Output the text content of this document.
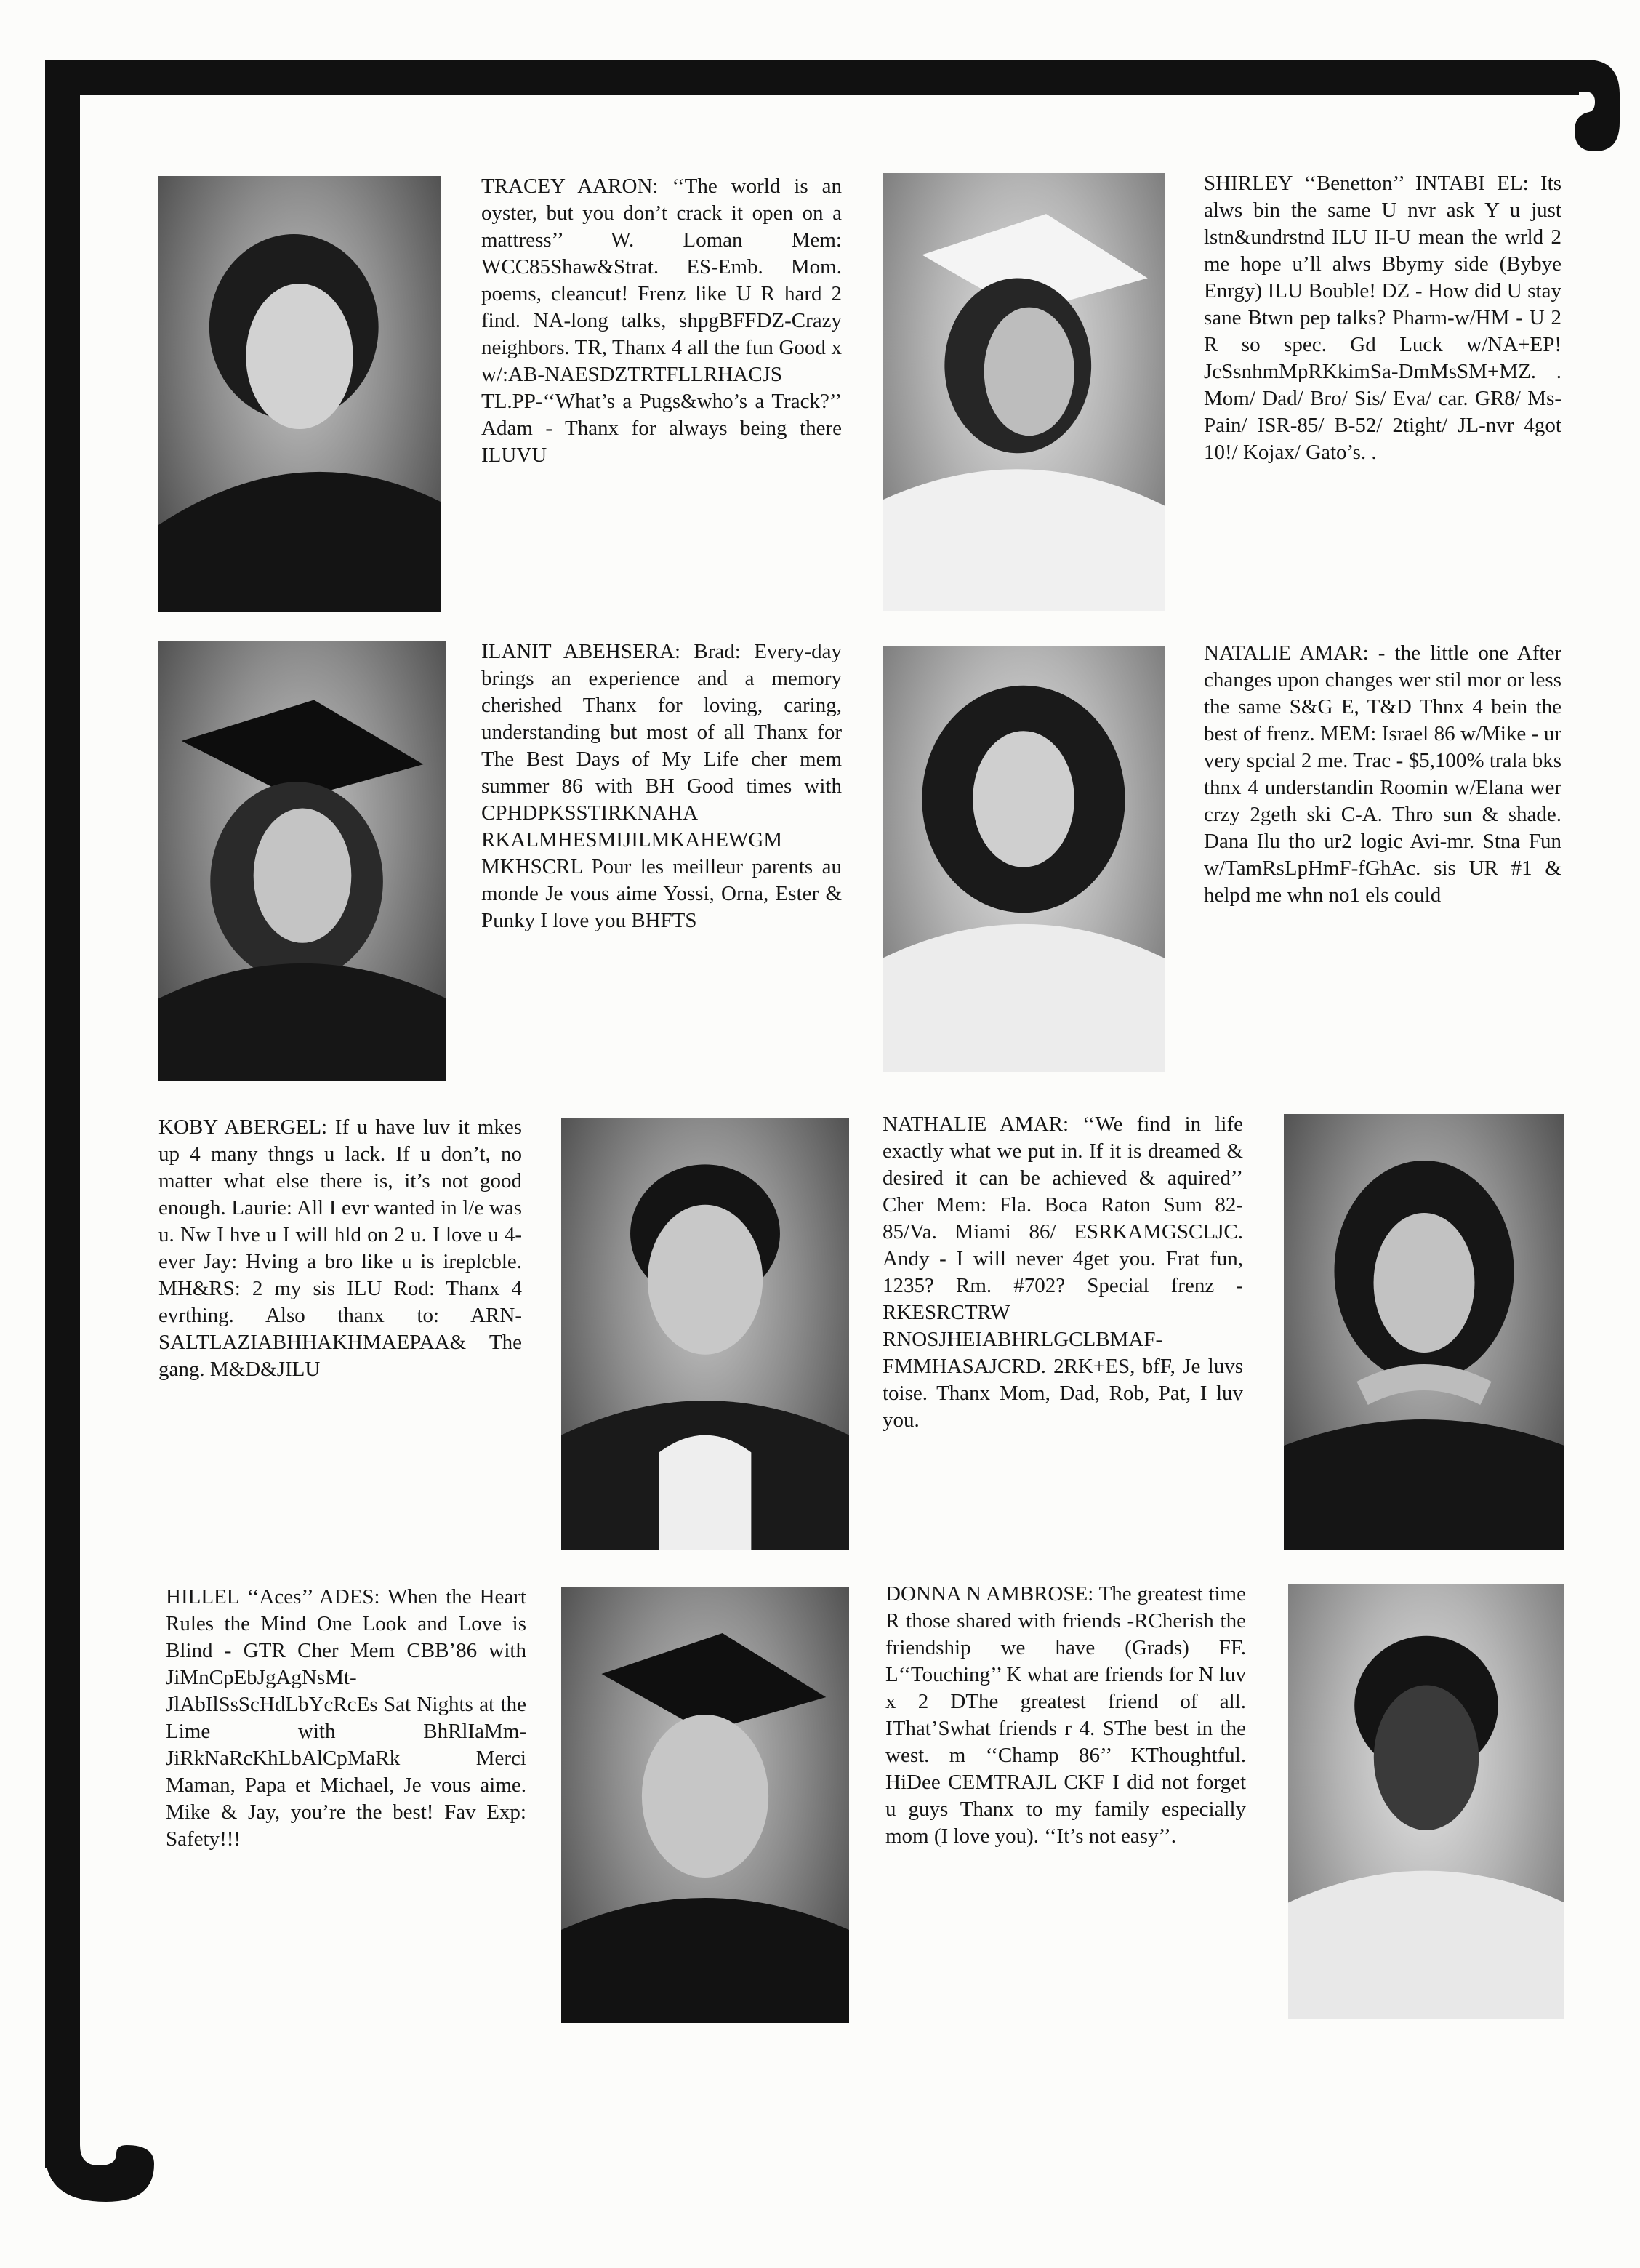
TRACEY AARON: ‘‘The world is an oyster, but you don’t crack it open on a mattress’’ W. Loman Mem: WCC85Shaw&Strat. ES-Emb. Mom. poems, cleancut! Frenz like U R hard 2 find. NA-long talks, shpgBFFDZ-Crazy neighbors. TR, Thanx 4 all the fun Good x w/:AB-NAESDZTRTFLLRHACJS TL.PP-‘‘What’s a Pugs&who’s a Track?’’ Adam - Thanx for always being there ILUVU

SHIRLEY ‘‘Benetton’’ INTABI EL: Its alws bin the same U nvr ask Y u just lstn&undrstnd ILU II-U mean the wrld 2 me hope u’ll alws Bbymy side (Bybye Enrgy) ILU Bouble! DZ - How did U stay sane Btwn pep talks? Pharm-w/HM - U 2 R so spec. Gd Luck w/NA+EP! JcSsnhmMpRKkimSa-DmMsSM+MZ. . Mom/ Dad/ Bro/ Sis/ Eva/ car. GR8/ Ms-Pain/ ISR-85/ B-52/ 2tight/ JL-nvr 4got 10!/ Kojax/ Gato’s. .

ILANIT ABEHSERA: Brad: Every-day brings an experience and a memory cherished Thanx for loving, caring, understanding but most of all Thanx for The Best Days of My Life cher mem summer 86 with BH Good times with CPHDPKSSTIRKNAHA RKALMHESMIJILMKAHEWGM MKHSCRL Pour les meilleur parents au monde Je vous aime Yossi, Orna, Ester & Punky I love you BHFTS

NATALIE AMAR: - the little one After changes upon changes wer stil mor or less the same S&G E, T&D Thnx 4 bein the best of frenz. MEM: Israel 86 w/Mike - ur very spcial 2 me. Trac - $5,100% trala bks thnx 4 understandin Roomin w/Elana wer crzy 2geth ski C-A. Thro sun & shade. Dana Ilu tho ur2 logic Avi-mr. Stna Fun w/TamRsLpHmF-fGhAc. sis UR #1 & helpd me whn no1 els could

KOBY ABERGEL: If u have luv it mkes up 4 many thngs u lack. If u don’t, no matter what else there is, it’s not good enough. Laurie: All I evr wanted in l/e was u. Nw I hve u I will hld on 2 u. I love u 4-ever Jay: Hving a bro like u is ireplcble. MH&RS: 2 my sis ILU Rod: Thanx 4 evrthing. Also thanx to: ARN-SALTLAZIABHHAKHMAEPAA& The gang. M&D&JILU

NATHALIE AMAR: ‘‘We find in life exactly what we put in. If it is dreamed & desired it can be achieved & aquired’’ Cher Mem: Fla. Boca Raton Sum 82-85/Va. Miami 86/ ESRKAMGSCLJC. Andy - I will never 4get you. Frat fun, 1235? Rm. #702? Special frenz - RKESRCTRW RNOSJHEIABHRLGCLBMAF-FMMHASAJCRD. 2RK+ES, bfF, Je luvs toise. Thanx Mom, Dad, Rob, Pat, I luv you.

HILLEL ‘‘Aces’’ ADES: When the Heart Rules the Mind One Look and Love is Blind - GTR Cher Mem CBB’86 with JiMnCpEbJgAgNsMt-JlAbIlSsScHdLbYcRcEs Sat Nights at the Lime with BhRlIaMm-JiRkNaRcKhLbAlCpMaRk Merci Maman, Papa et Michael, Je vous aime. Mike & Jay, you’re the best! Fav Exp: Safety!!!

DONNA N AMBROSE: The greatest time R those shared with friends -RCherish the friendship we have (Grads) FF. L‘‘Touching’’ K what are friends for N luv x 2 DThe greatest friend of all. IThat’Swhat friends r 4. SThe best in the west. m ‘‘Champ 86’’ KThoughtful. HiDee CEMTRAJL CKF I did not forget u guys Thanx to my family especially mom (I love you). ‘‘It’s not easy’’.
